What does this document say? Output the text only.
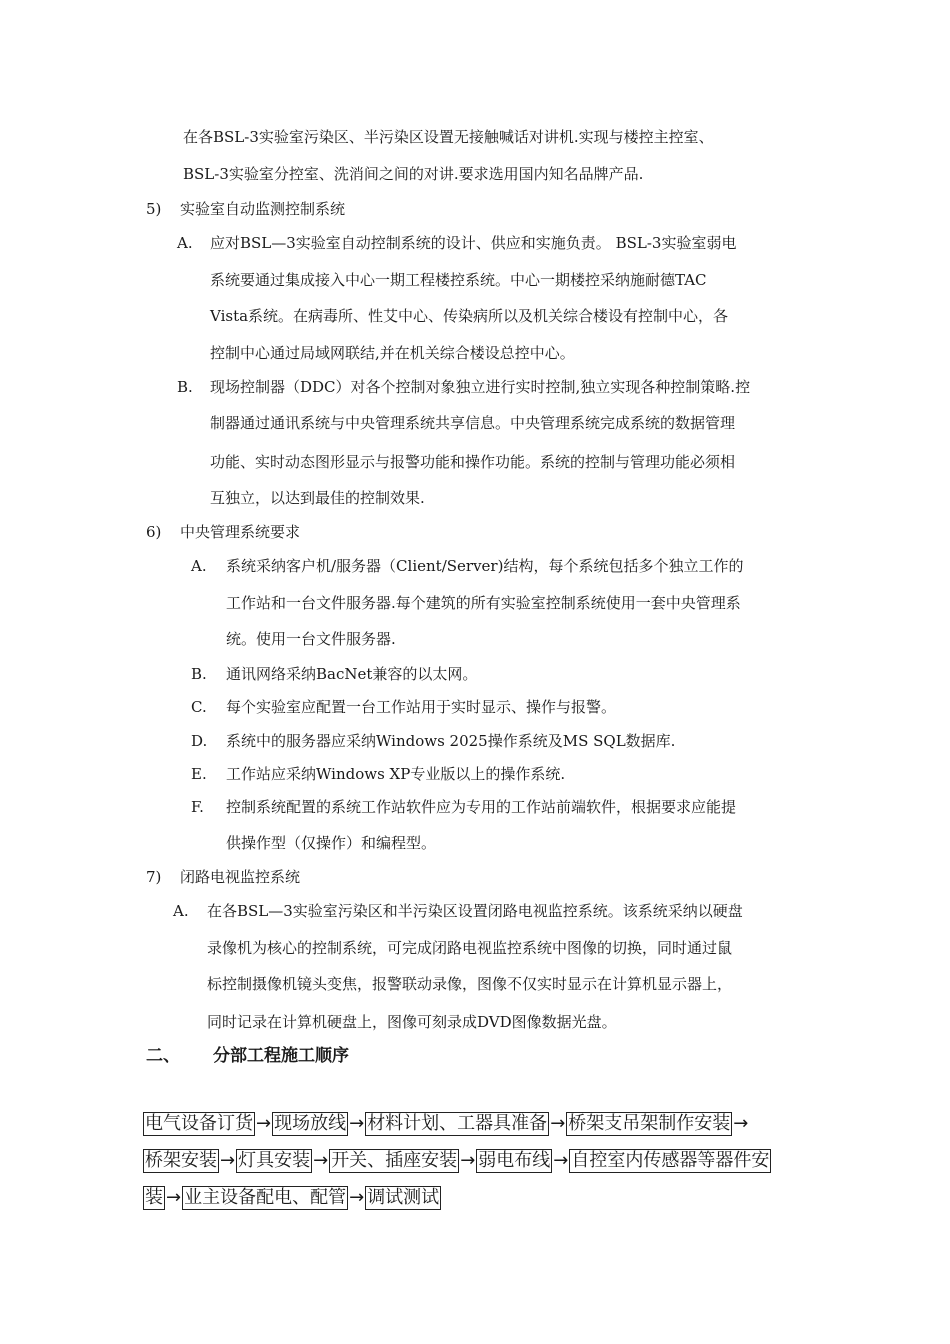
在各BSL-3实验室污染区、半污染区设置无接触喊话对讲机.实现与楼控主控室、
BSL-3实验室分控室、洗消间之间的对讲.要求选用国内知名品牌产品.
5) 实验室自动监测控制系统
A. 应对BSL—3实验室自动控制系统的设计、供应和实施负责。 BSL-3实验室弱电
系统要通过集成接入中心一期工程楼控系统。中心一期楼控采纳施耐德TAC
Vista系统。在病毒所、性艾中心、传染病所以及机关综合楼设有控制中心，各
控制中心通过局域网联结,并在机关综合楼设总控中心。
B. 现场控制器（DDC）对各个控制对象独立进行实时控制,独立实现各种控制策略.控
制器通过通讯系统与中央管理系统共享信息。中央管理系统完成系统的数据管理
功能、实时动态图形显示与报警功能和操作功能。系统的控制与管理功能必须相
互独立，以达到最佳的控制效果.
6) 中央管理系统要求
A. 系统采纳客户机/服务器（Client/Server)结构，每个系统包括多个独立工作的
工作站和一台文件服务器.每个建筑的所有实验室控制系统使用一套中央管理系
统。使用一台文件服务器.
B. 通讯网络采纳BacNet兼容的以太网。
C. 每个实验室应配置一台工作站用于实时显示、操作与报警。
D. 系统中的服务器应采纳Windows 2025操作系统及MS SQL数据库.
E. 工作站应采纳Windows XP专业版以上的操作系统.
F. 控制系统配置的系统工作站软件应为专用的工作站前端软件，根据要求应能提
供操作型（仅操作）和编程型。
7) 闭路电视监控系统
A. 在各BSL—3实验室污染区和半污染区设置闭路电视监控系统。该系统采纳以硬盘
录像机为核心的控制系统，可完成闭路电视监控系统中图像的切换，同时通过鼠
标控制摄像机镜头变焦，报警联动录像，图像不仅实时显示在计算机显示器上，
同时记录在计算机硬盘上，图像可刻录成DVD图像数据光盘。
二、 分部工程施工顺序
电气设备订货 → 现场放线 → 材料计划、工器具准备 → 桥架支吊架制作安装 →
桥架安装 → 灯具安装 → 开关、插座安装 → 弱电布线 → 自控室内传感器等器件安
装 → 业主设备配电、配管 → 调试测试
